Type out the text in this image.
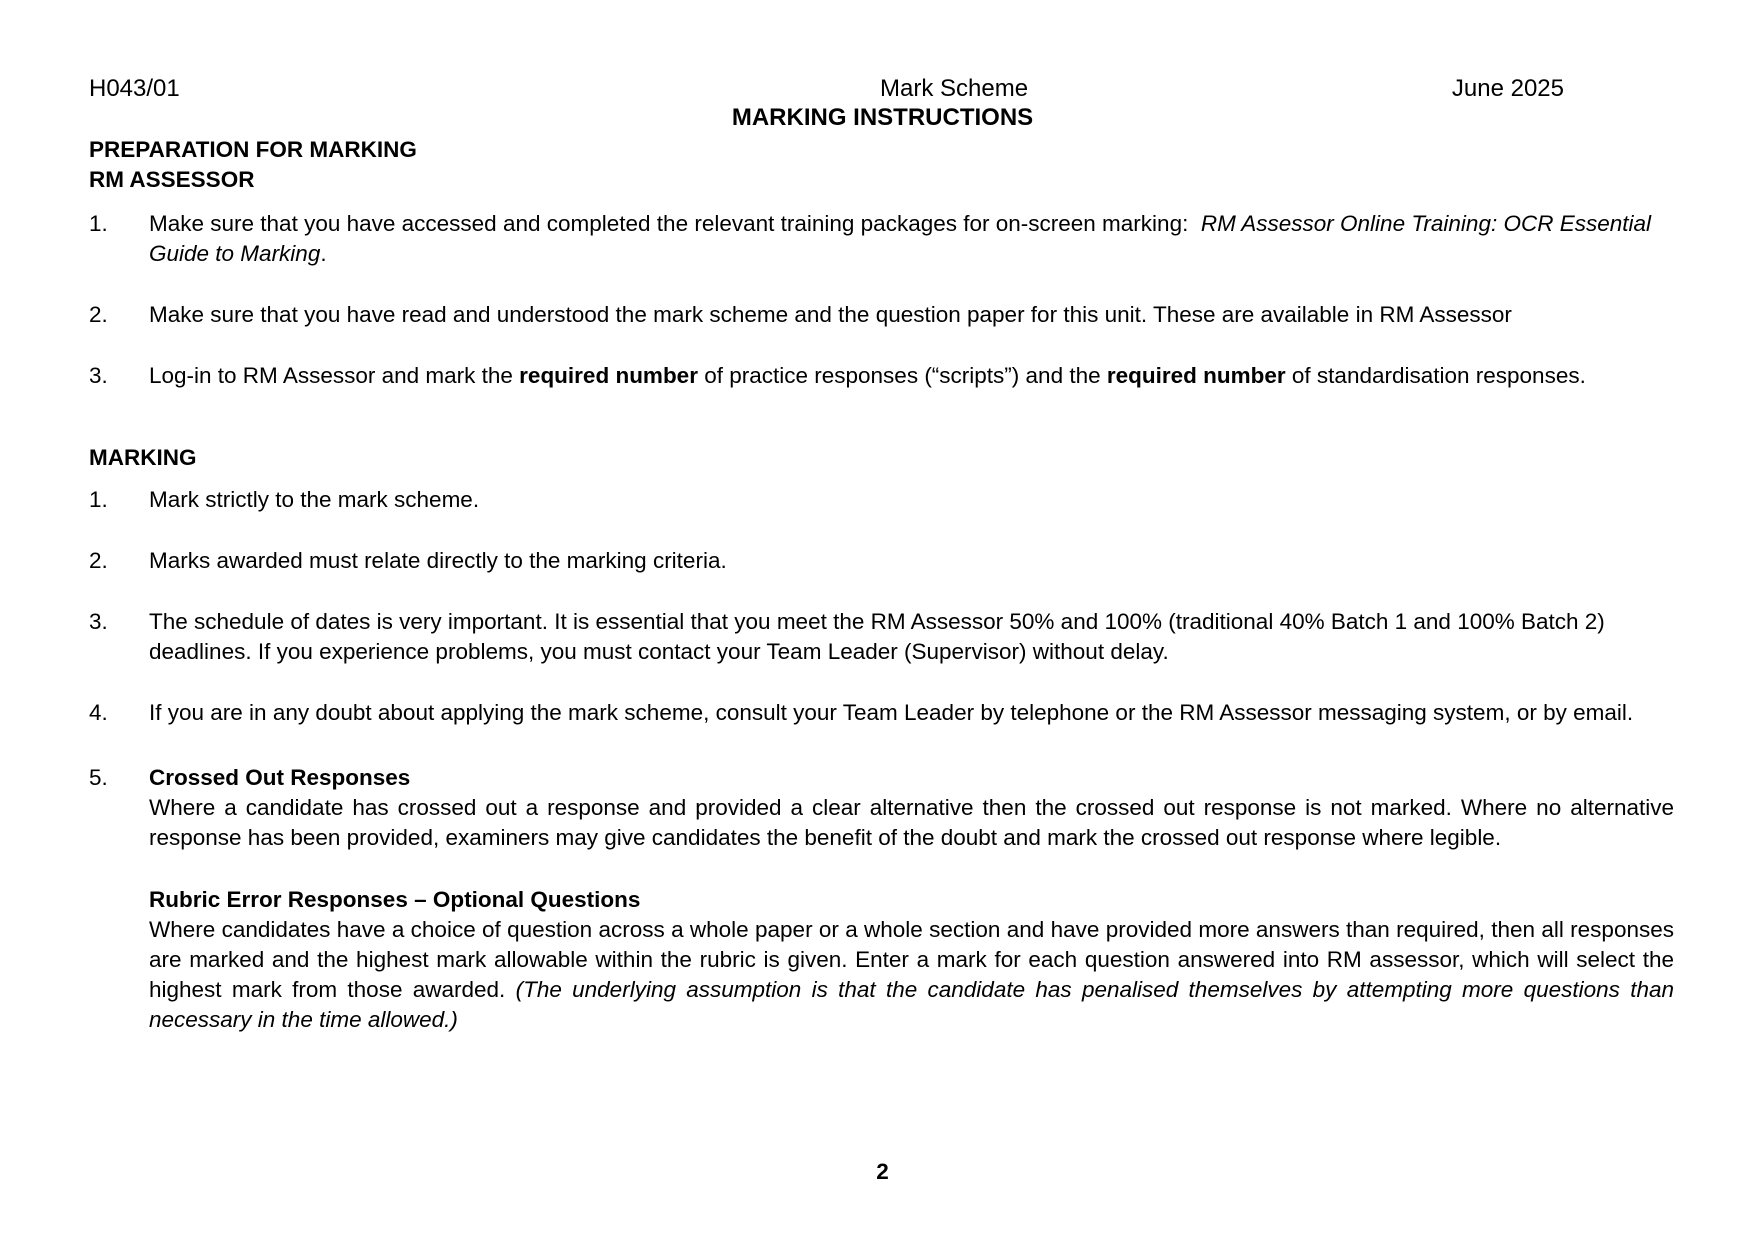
H043/01	Mark Scheme	June 2025
MARKING INSTRUCTIONS
PREPARATION FOR MARKING
RM ASSESSOR
1.	Make sure that you have accessed and completed the relevant training packages for on-screen marking: RM Assessor Online Training: OCR Essential Guide to Marking.
2.	Make sure that you have read and understood the mark scheme and the question paper for this unit. These are available in RM Assessor
3.	Log-in to RM Assessor and mark the required number of practice responses (“scripts”) and the required number of standardisation responses.
MARKING
1.	Mark strictly to the mark scheme.
2.	Marks awarded must relate directly to the marking criteria.
3.	The schedule of dates is very important. It is essential that you meet the RM Assessor 50% and 100% (traditional 40% Batch 1 and 100% Batch 2) deadlines. If you experience problems, you must contact your Team Leader (Supervisor) without delay.
4.	If you are in any doubt about applying the mark scheme, consult your Team Leader by telephone or the RM Assessor messaging system, or by email.
5.	Crossed Out Responses
Where a candidate has crossed out a response and provided a clear alternative then the crossed out response is not marked. Where no alternative response has been provided, examiners may give candidates the benefit of the doubt and mark the crossed out response where legible.
Rubric Error Responses – Optional Questions
Where candidates have a choice of question across a whole paper or a whole section and have provided more answers than required, then all responses are marked and the highest mark allowable within the rubric is given. Enter a mark for each question answered into RM assessor, which will select the highest mark from those awarded. (The underlying assumption is that the candidate has penalised themselves by attempting more questions than necessary in the time allowed.)
2
